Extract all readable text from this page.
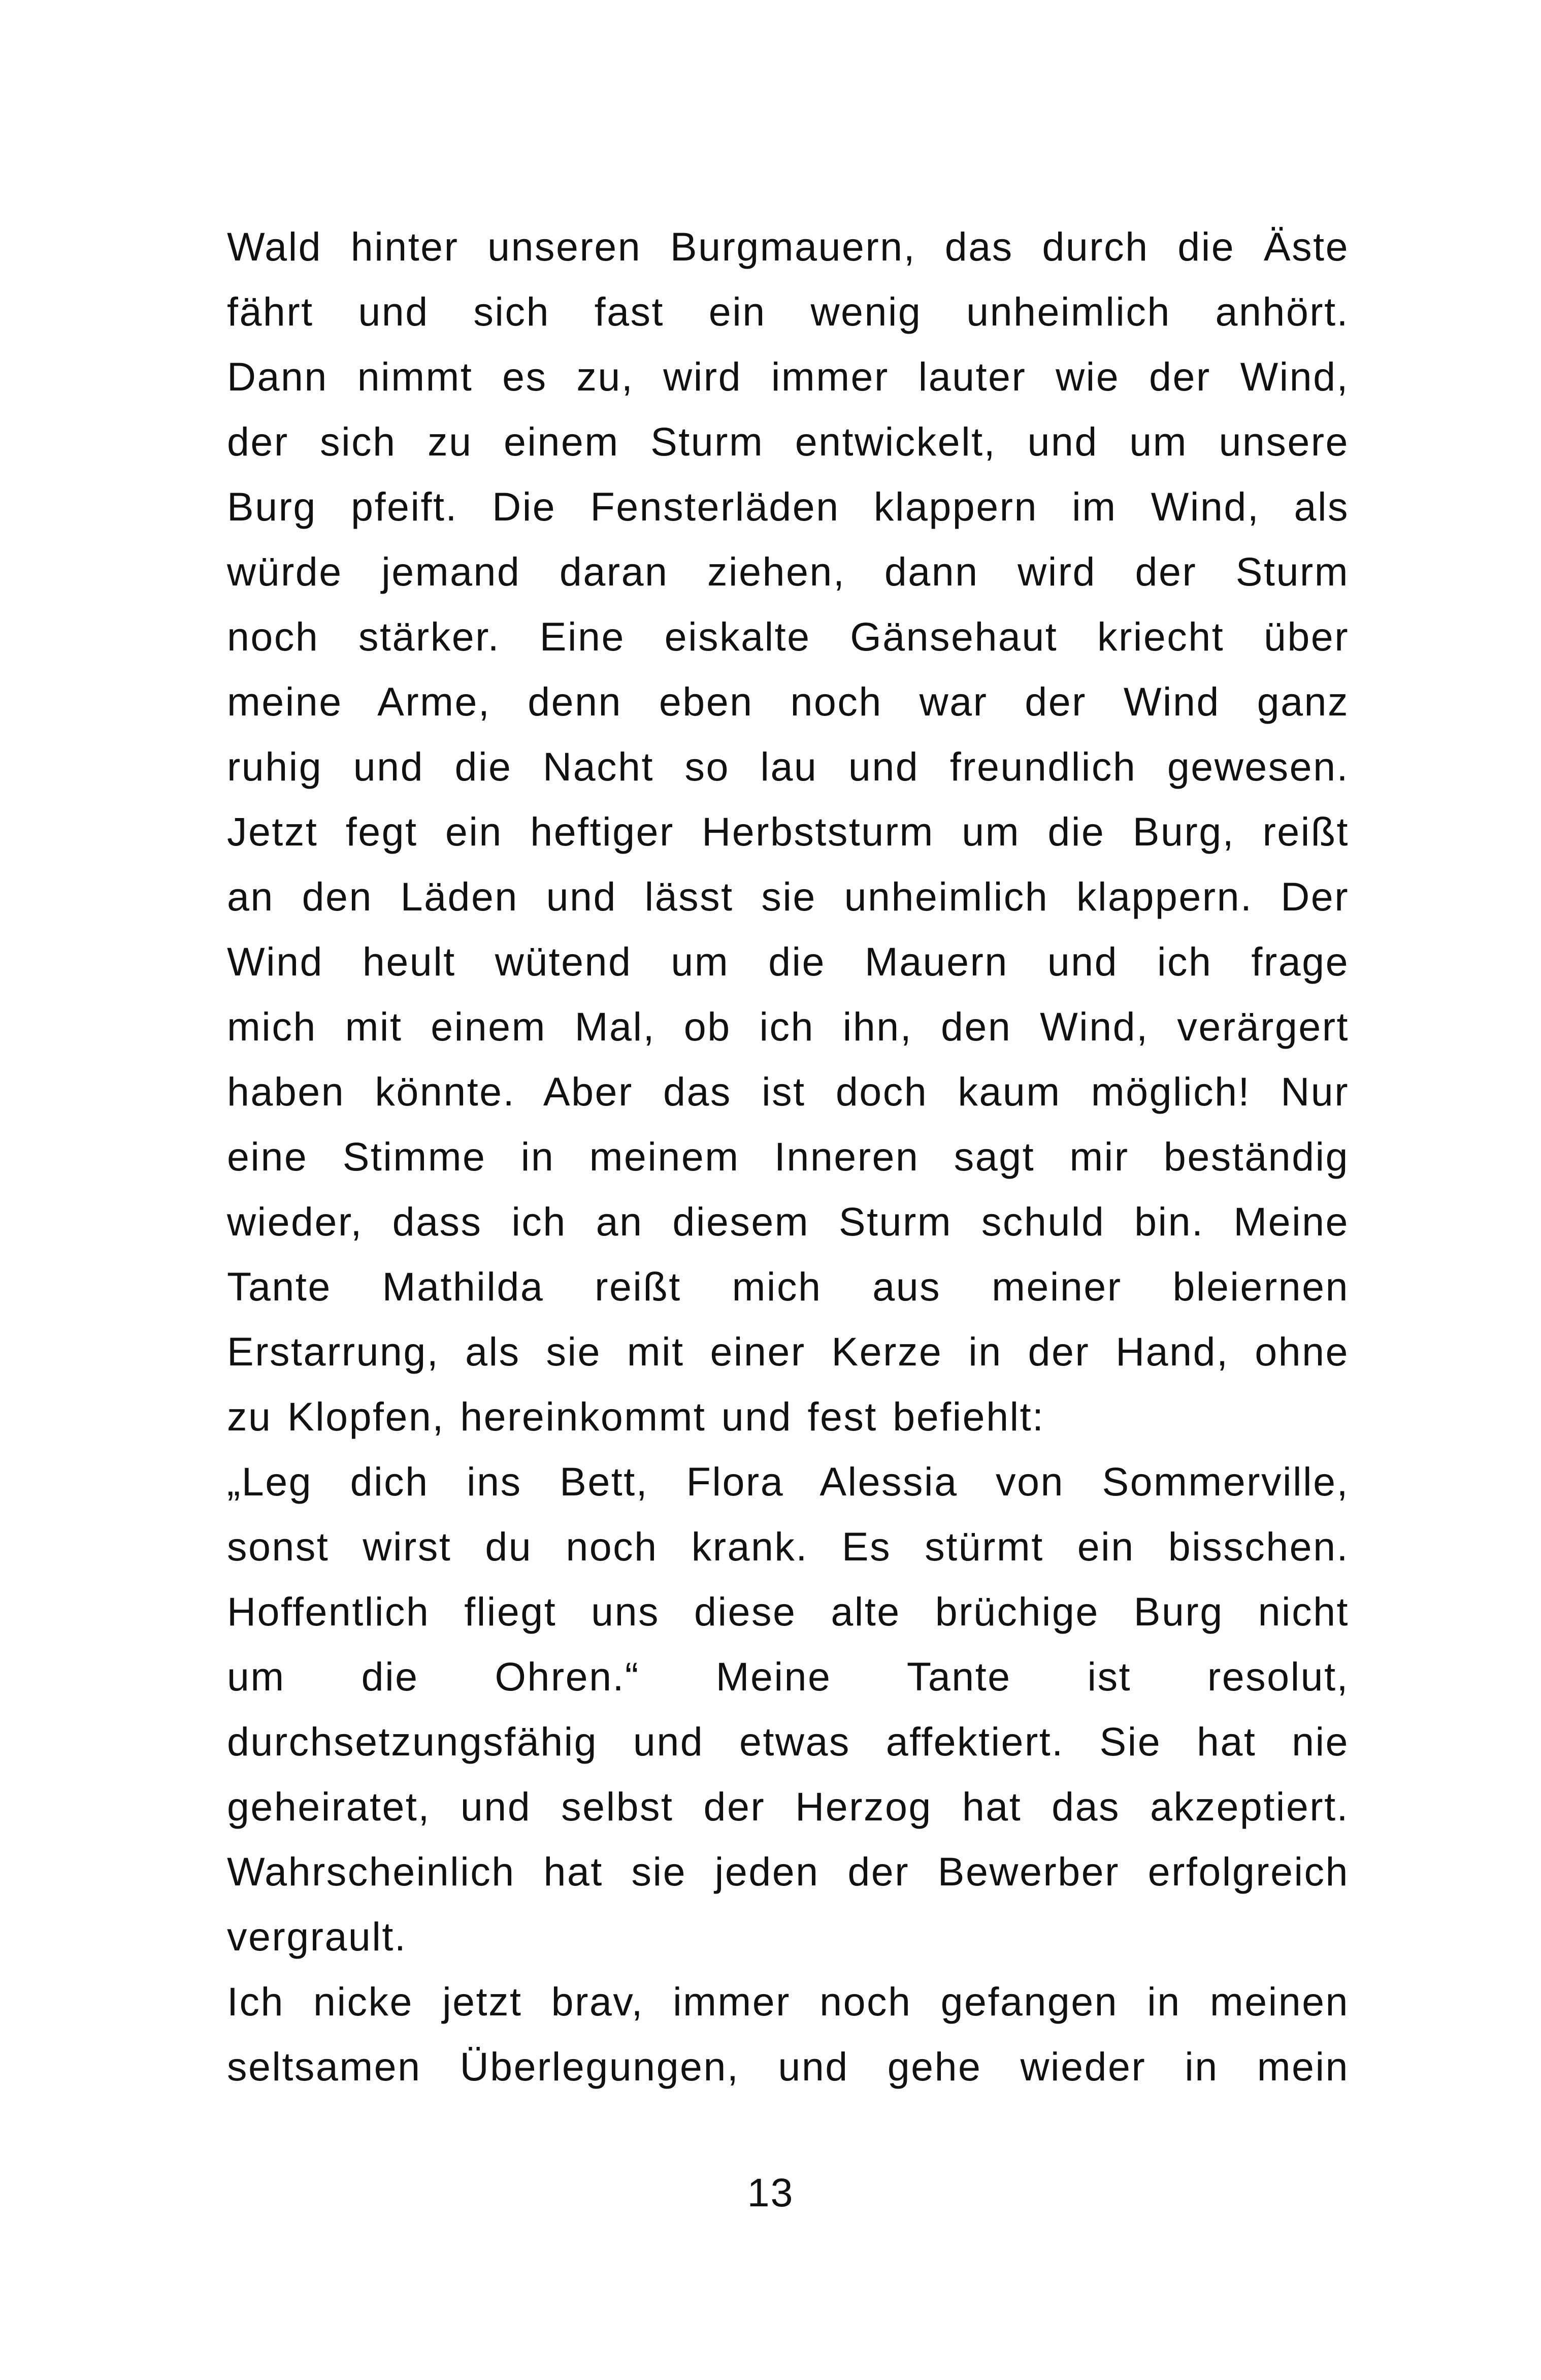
Wald hinter unseren Burgmauern, das durch die Äste
fährt und sich fast ein wenig unheimlich anhört.
Dann nimmt es zu, wird immer lauter wie der Wind,
der sich zu einem Sturm entwickelt, und um unsere
Burg pfeift. Die Fensterläden klappern im Wind, als
würde jemand daran ziehen, dann wird der Sturm
noch stärker. Eine eiskalte Gänsehaut kriecht über
meine Arme, denn eben noch war der Wind ganz
ruhig und die Nacht so lau und freundlich gewesen.
Jetzt fegt ein heftiger Herbststurm um die Burg, reißt
an den Läden und lässt sie unheimlich klappern. Der
Wind heult wütend um die Mauern und ich frage
mich mit einem Mal, ob ich ihn, den Wind, verärgert
haben könnte. Aber das ist doch kaum möglich! Nur
eine Stimme in meinem Inneren sagt mir beständig
wieder, dass ich an diesem Sturm schuld bin. Meine
Tante Mathilda reißt mich aus meiner bleiernen
Erstarrung, als sie mit einer Kerze in der Hand, ohne
zu Klopfen, hereinkommt und fest befiehlt:
„Leg dich ins Bett, Flora Alessia von Sommerville,
sonst wirst du noch krank. Es stürmt ein bisschen.
Hoffentlich fliegt uns diese alte brüchige Burg nicht
um die Ohren.“ Meine Tante ist resolut,
durchsetzungsfähig und etwas affektiert. Sie hat nie
geheiratet, und selbst der Herzog hat das akzeptiert.
Wahrscheinlich hat sie jeden der Bewerber erfolgreich
vergrault.
Ich nicke jetzt brav, immer noch gefangen in meinen
seltsamen Überlegungen, und gehe wieder in mein
13
